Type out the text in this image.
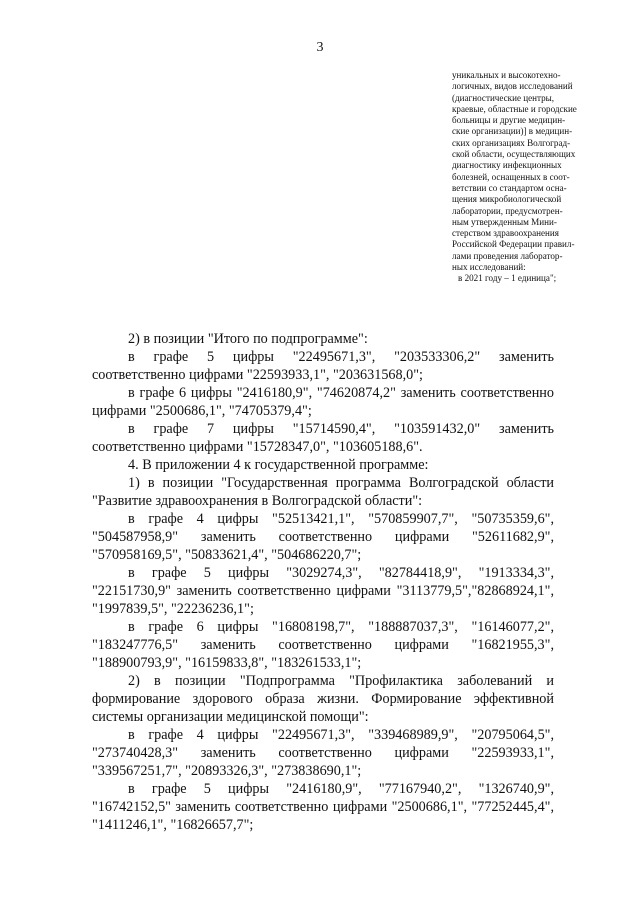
3
уникальных и высокотехно-
логичных, видов исследований
(диагностические центры,
краевые, областные и городские
больницы и другие медицин-
ские организации)] в медицин-
ских организациях Волгоград-
ской области, осуществляющих
диагностику инфекционных
болезней, оснащенных в соот-
ветствии со стандартом осна-
щения микробиологической
лаборатории, предусмотрен-
ным утвержденным Мини-
стерством здравоохранения
Российской Федерации правил-
лами проведения лаборатор-
ных исследований:
в 2021 году – 1 единица";

2) в позиции "Итого по подпрограмме":

в графе 5 цифры "22495671,3", "203533306,2" заменить соответственно цифрами "22593933,1", "203631568,0";

в графе 6 цифры "2416180,9", "74620874,2" заменить соответственно цифрами "2500686,1", "74705379,4";

в графе 7 цифры "15714590,4", "103591432,0" заменить соответственно цифрами "15728347,0", "103605188,6".

4. В приложении 4 к государственной программе:

1) в позиции "Государственная программа Волгоградской области "Развитие здравоохранения в Волгоградской области":

в графе 4 цифры "52513421,1", "570859907,7", "50735359,6", "504587958,9" заменить соответственно цифрами "52611682,9", "570958169,5", "50833621,4", "504686220,7";

в графе 5 цифры "3029274,3", "82784418,9", "1913334,3", "22151730,9" заменить соответственно цифрами "3113779,5","82868924,1", "1997839,5", "22236236,1";

в графе 6 цифры "16808198,7", "188887037,3", "16146077,2", "183247776,5" заменить соответственно цифрами "16821955,3", "188900793,9", "16159833,8", "183261533,1";

2) в позиции "Подпрограмма "Профилактика заболеваний и формирование здорового образа жизни. Формирование эффективной системы организации медицинской помощи":

в графе 4 цифры "22495671,3", "339468989,9", "20795064,5", "273740428,3" заменить соответственно цифрами "22593933,1", "339567251,7", "20893326,3", "273838690,1";

в графе 5 цифры "2416180,9", "77167940,2", "1326740,9", "16742152,5" заменить соответственно цифрами "2500686,1", "77252445,4", "1411246,1", "16826657,7";
